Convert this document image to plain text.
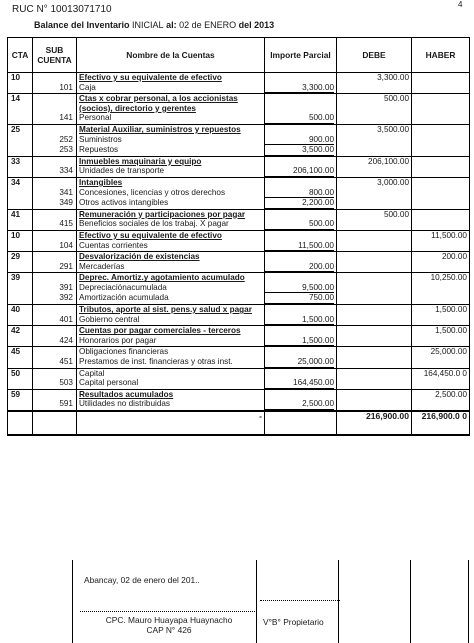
RUC N° 10013071710
Balance del Inventario INICIAL al: 02 de ENERO del 2013
4
CTA	SUB CUENTA	Nombre de la Cuentas	Importe Parcial	DEBE	HABER
10		Efectivo y su equivalente de efectivo		3,300.00	
	101	Caja	3,300.00		

14		Ctas x cobrar personal, a los accionistas (socios), directorio y gerentes		500.00	
	141	Personal	500.00		

25		Material Auxiliar, suministros y repuestos		3,500.00	
	252	Suministros	900.00		

	253	Repuestos	3,500.00		

33		Inmuebles maquinaria y equipo		206,100.00	
	334	Unidades de transporte	206,100.00		

34		Intangibles		3,000.00	
	341	Concesiones, licencias y otros derechos	800.00		

	349	Otros activos intangibles	2,200.00		

41		Remuneración y participaciones por pagar		500.00	
	415	Beneficios sociales de los trabaj. X pagar	500.00		

10		Efectivo y su equivalente de efectivo			11,500.00
	104	Cuentas corrientes	11,500.00		

29		Desvalorización de existencias			200.00
	291	Mercaderías	200.00		

39		Deprec. Amortiz.y agotamiento acumulado			10,250.00
	391	Depreciaciónacumulada	9,500.00		

	392	Amortización acumulada	750.00		

40		Tributos, aporte al sist. pens.y salud x pagar			1,500.00
	401	Gobierno central	1,500.00		

42		Cuentas por pagar comerciales - terceros			1,500.00
	424	Honorarios por pagar	1,500.00		

45		Obligaciones financieras			25,000.00
	451	Prestamos de inst. financieras y otras inst.	25,000.00		

50		Capital			164,450.0 0
	503	Capital personal	164,450.00		

59		Resultados acumulados			2,500.00
	591	Utilidades no distribuidas	2,500.00		

		-		216,900.00	216,900.0 0
Abancay, 02 de enero del 201..
CPC. Mauro Huayapa Huaynacho
CAP N° 426
V°B° Propietario
